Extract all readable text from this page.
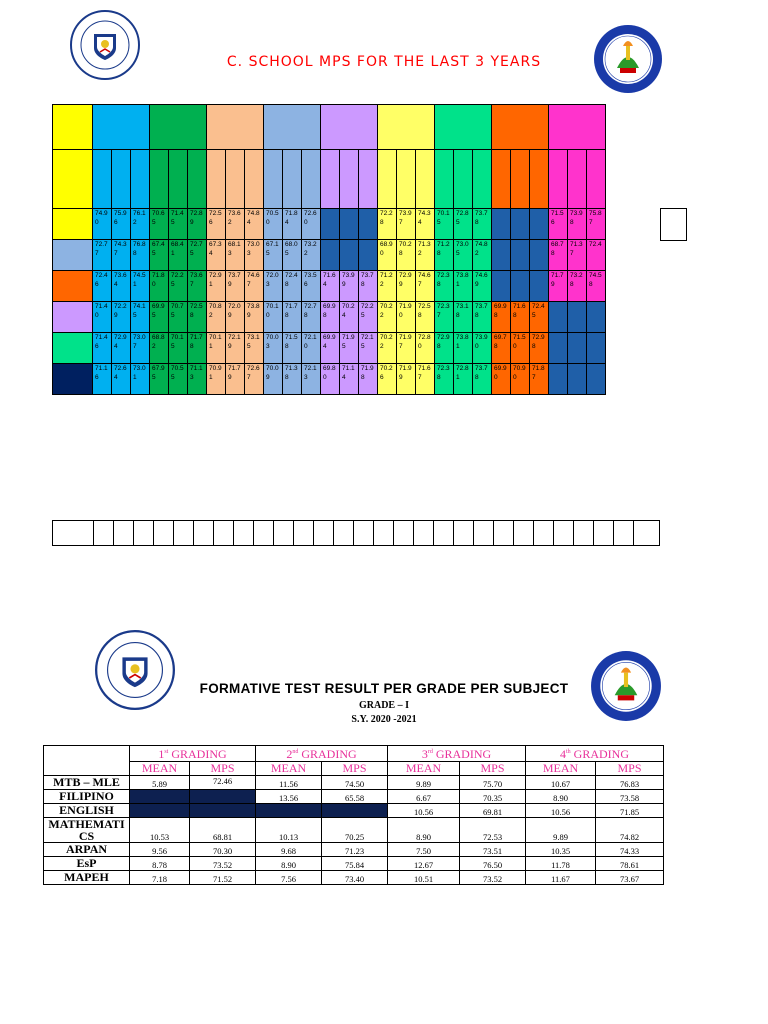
C. SCHOOL MPS FOR THE LAST 3 YEARS

	74.90	75.96	76.12	70.65	71.45	72.89	72.56	73.62	74.84	70.50	71.84	72.60				72.28	73.97	74.34	70.15	72.85	73.78				71.56	73.98	75.87
	72.77	74.37	76.88	67.45	68.41	72.75	67.34	68.13	73.03	67.15	68.05	73.22				68.90	70.28	71.32	71.28	73.05	74.82				68.78	71.37	72.4
	72.46	73.64	74.51	71.80	72.25	73.67	72.91	73.79	74.67	72.03	72.48	73.56	71.64	73.99	73.78	71.22	72.99	74.67	72.38	73.81	74.69				71.79	73.28	74.58
	71.40	72.29	74.15	69.95	70.75	72.58	70.82	72.09	73.89	70.10	71.78	72.78	69.98	70.24	72.25	70.22	71.90	72.58	72.37	73.18	73.78	69.98	71.68	72.45			
	71.46	72.94	73.07	68.82	70.15	71.78	70.11	72.19	73.15	70.03	71.58	72.10	69.94	71.95	72.15	70.22	71.97	72.80	72.98	73.81	73.90	69.78	71.50	72.98			
	71.16	72.64	73.01	67.95	70.55	71.13	70.91	71.79	72.67	70.09	71.38	72.13	69.80	71.14	71.98	70.26	71.99	71.67	72.38	72.81	73.78	69.90	70.90	71.87			

FORMATIVE TEST RESULT PER GRADE PER SUBJECT
GRADE – I
S.Y. 2020 -2021
	1st GRADING		2nd GRADING		3rd GRADING		4th GRADING	
	MEAN	MPS	MEAN	MPS	MEAN	MPS	MEAN	MPS
MTB – MLE	5.89	72.46	11.56	74.50	9.89	75.70	10.67	76.83
FILIPINO			13.56	65.58	6.67	70.35	8.90	73.58
ENGLISH					10.56	69.81	10.56	71.85
MATHEMATICS	10.53	68.81	10.13	70.25	8.90	72.53	9.89	74.82
ARPAN	9.56	70.30	9.68	71.23	7.50	73.51	10.35	74.33
EsP	8.78	73.52	8.90	75.84	12.67	76.50	11.78	78.61
MAPEH	7.18	71.52	7.56	73.40	10.51	73.52	11.67	73.67
